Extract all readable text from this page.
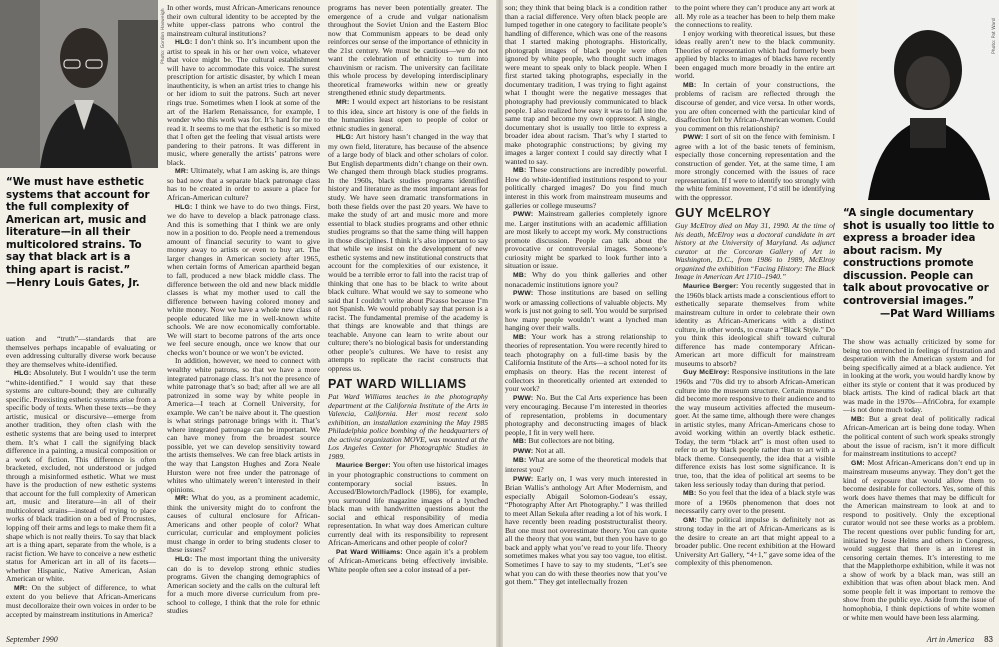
Photo: Gordon Hasweigh
“We must have esthetic systems that account for the full complexity of American art, music and literature—in all their multicolored strains. To say that black art is a thing apart is racist.”
—Henry Louis Gates, Jr.

uation and “truth”—standards that are themselves perhaps incapable of evaluating or even addressing culturally diverse work because they are themselves white-identified.

HLG: Absolutely. But I wouldn’t use the term “white-identified.” I would say that these systems are culture-bound; they are culturally specific. Preexisting esthetic systems arise from a specific body of texts. When these texts—be they artistic, musical or discursive—emerge from another tradition, they often clash with the esthetic systems that are being used to interpret them. It’s what I call the signifying black difference in a painting, a musical composition or a work of fiction. This difference is often bracketed, excluded, not understood or judged through a misinformed esthetic. What we must have is the production of new esthetic systems that account for the full complexity of American art, music and literature—in all of their multicolored strains—instead of trying to place works of black tradition on a bed of Procrustes, lopping off their arms and legs to make them fit a shape which is not really theirs. To say that black art is a thing apart, separate from the whole, is a racist fiction. We have to conceive a new esthetic status for American art in all of its facets—whether Hispanic, Native American, Asian American or white.

MR: On the subject of difference, to what extent do you believe that African-Americans must decolloraize their own voices in order to be accepted by mainstream institutions in America?

In other words, must African-Americans renounce their own cultural identity to be accepted by the white upper-class patrons who control the mainstream cultural institutions?

HLG: I don’t think so. It’s incumbent upon the artist to speak in his or her own voice, whatever that voice might be. The cultural establishment will have to accommodate this voice. The surest prescription for artistic disaster, by which I mean inauthenticity, is when an artist tries to change his or her idiom to suit the patrons. Such art never rings true. Sometimes when I look at some of the art of the Harlem Renaissance, for example, I wonder who this work was for. It’s hard for me to read it. It seems to me that the esthetic is so mixed that I often get the feeling that visual artists were pandering to their patrons. It was different in music, where generally the artists’ patrons were black.

MR: Ultimately, what I am asking is, are things so bad now that a separate black patronage class has to be created in order to assure a place for African-American culture?

HLG: I think we have to do two things. First, we do have to develop a black patronage class. And this is something that I think we are only now in a position to do. People need a tremendous amount of financial security to want to give money away to artists or even to buy art. The larger changes in American society after 1965, when certain forms of American apartheid began to fall, produced a new black middle class. The difference between the old and new black middle classes is what my mother used to call the difference between having colored money and white money. Now we have a whole new class of people educated like me in well-known white schools. We are now economically comfortable. We will start to become patrons of the arts once we feel secure enough, once we know that our checks won’t bounce or we won’t be evicted.

In addition, however, we need to connect with wealthy white patrons, so that we have a more integrated patronage class. It’s not the presence of white patronage that’s so bad; after all we are all patronized in some way by white people in America—I teach at Cornell University, for example. We can’t be naive about it. The question is what strings patronage brings with it. That’s where integrated patronage can be important. We can have money from the broadest source possible, yet we can develop sensitivity toward the artists themselves. We can free black artists in the way that Langston Hughes and Zora Neale Hurston were not free under the patronage of whites who ultimately weren’t interested in their opinions.

MR: What do you, as a prominent academic, think the university might do to confront the causes of cultural enclosure for African-Americans and other people of color? What curricular, curricular and employment policies must change in order to bring students closer to these issues?

HLG: The most important thing the university can do is to develop strong ethnic studies programs. Given the changing demographics of American society and the calls on the cultural left for a much more diverse curriculum from pre-school to college, I think that the role for ethnic studies

programs has never been potentially greater. The emergence of a crude and vulgar nationalism throughout the Soviet Union and the Eastern Bloc now that Communism appears to be dead only reinforces our sense of the importance of ethnicity in the 21st century. We must be cautious—we do not want the celebration of ethnicity to turn into chauvinism or racism. The university can facilitate this whole process by developing interdisciplinary theoretical frameworks within new or greatly strengthened ethnic study departments.

MR: I would expect art historians to be resistant to this idea, since art history is one of the fields in the humanities least open to people of color or ethnic studies in general.

HLG: Art history hasn’t changed in the way that my own field, literature, has because of the absence of a large body of black and other scholars of color. But English departments didn’t change on their own. We changed them through black studies programs. In the 1960s, black studies programs identified history and literature as the most important areas for study. We have seen dramatic transformations in both these fields over the past 20 years. We have to make the study of art and music more and more essential to black studies programs and other ethnic studies programs so that the same thing will happen in those disciplines. I think it’s also important to say that while we insist on the development of new esthetic systems and new institutional constructs that account for the complexities of our existence, it would be a terrible error to fall into the racist trap of thinking that one has to be black to write about black culture. What would we say to someone who said that I couldn’t write about Picasso because I’m not Spanish. We would probably say that person is a racist. The fundamental premise of the academy is that things are knowable and that things are teachable. Anyone can learn to write about our culture; there’s no biological basis for understanding other people’s cultures. We have to resist any attempts to replicate the racist constructs that oppress us.

PAT WARD WILLIAMS

Pat Ward Williams teaches in the photography department at the California Institute of the Arts in Valencia, California. Her most recent solo exhibition, an installation examining the May 1985 Philadelphia police bombing of the headquarters of the activist organization MOVE, was mounted at the Los Angeles Center for Photographic Studies in 1989.

Maurice Berger: You often use historical images in your photographic constructions to comment on contemporary social issues. In Accused/Blowtorch/Padlock (1986), for example, you surround life magazine images of a lynched black man with handwritten questions about the social and ethical responsibility of media representation. In what way does American culture currently deal with its responsibility to represent African-Americans and other people of color?

Pat Ward Williams: Once again it’s a problem of African-Americans being effectively invisible. White people often see a color instead of a per-

September 1990

son; they think that being black is a condition rather than a racial difference. Very often black people are lumped together in one category to facilitate people’s handling of difference, which was one of the reasons that I started making photographs. Historically, photograph images of black people were often ignored by white people, who thought such images were meant to speak only to black people. When I first started taking photographs, especially in the documentary tradition, I was trying to fight against what I thought were the negative messages that photography had previously communicated to black people. I also realized how easy it was to fall into the same trap and become my own oppressor. A single, documentary shot is usually too little to express a broader idea about racism. That’s why I started to make photographic constructions; by giving my images a larger context I could say directly what I wanted to say.

MB: These constructions are incredibly powerful. How do white-identified institutions respond to your politically charged images? Do you find much interest in this work from mainstream museums and galleries or college museums?

PWW: Mainstream galleries completely ignore me. Larger institutions with an academic affiliation are most likely to accept my work. My constructions promote discussion. People can talk about the provocative or controversial images. Someone’s curiosity might be sparked to look further into a situation or issue.

MB: Why do you think galleries and other nonacademic institutions ignore you?

PWW: Those institutions are based on selling work or amassing collections of valuable objects. My work is just not going to sell. You would be surprised how many people wouldn’t want a lynched man hanging over their walls.

MB: Your work has a strong relationship to theories of representation. You were recently hired to teach photography on a full-time basis by the California Institute of the Arts—a school noted for its emphasis on theory. Has the recent interest of collectors in theoretically oriented art extended to your work?

PWW: No. But the Cal Arts experience has been very encouraging. Because I’m interested in theories of representation, problems in documentary photography and deconstructing images of black people, I fit in very well here.

MB: But collectors are not biting.

PWW: Not at all.

MB: What are some of the theoretical models that interest you?

PWW: Early on, I was very much interested in Brian Wallis’s anthology Art After Modernism, and especially Abigail Solomon-Godeau’s essay, “Photography After Art Photography.” I was thrilled to meet Allan Sekula after reading a lot of his work. I have recently been reading poststructuralist theory. But one must not overestimate theory. You can quote all the theory that you want, but then you have to go back and apply what you’ve read to your life. Theory sometimes makes what you say too vague, too elitist. Sometimes I have to say to my students, “Let’s see what you can do with these theories now that you’ve got them.” They get intellectually frozen

to the point where they can’t produce any art work at all. My role as a teacher has been to help them make the connections to reality.

I enjoy working with theoretical issues, but these ideas really aren’t new to the black community. Theories of representation which had formerly been applied by blacks to images of blacks have recently been engaged much more broadly in the entire art world.

MB: In certain of your constructions, the problems of racism are reflected through the discourse of gender, and vice versa. In other words, you are often concerned with the particular kind of disaffection felt by African-American women. Could you comment on this relationship?

PWW: I sort of sit on the fence with feminism. I agree with a lot of the basic tenets of feminism, especially those concerning representation and the construction of gender. Yet, at the same time, I am more strongly concerned with the issues of race representation. If I were to identify too strongly with the white feminist movement, I’d still be identifying with the oppressor.

GUY McELROY

Guy McElroy died on May 31, 1990. At the time of his death, McElroy was a doctoral candidate in art history at the University of Maryland. As adjunct curator at the Corcoran Gallery of Art in Washington, D.C., from 1986 to 1989, McElroy organized the exhibition “Facing History: The Black Image in American Art 1710–1940.”

Maurice Berger: You recently suggested that in the 1960s black artists made a conscientious effort to esthetically separate themselves from white mainstream culture in order to celebrate their own identity as African-Americans with a distinct culture, in other words, to create a “Black Style.” Do you think this ideological shift toward cultural difference has made contemporary African-American art more difficult for mainstream museums to absorb?

Guy McElroy: Responsive institutions in the late 1960s and ’70s did try to absorb African-American culture into the museum structure. Certain museums did become more responsive to their audience and to the way museum activities affected the museum-goer. At the same time, although there were changes in artistic styles, many African-Americans chose to avoid working within an overtly black esthetic. Today, the term “black art” is most often used to refer to art by black people rather than to art with a black theme. Consequently, the idea that a visible difference exists has lost some significance. It is true, too, that the idea of political art seems to be taken less seriously today than during that period.

MB: So you feel that the idea of a black style was more of a 1960s phenomenon that does not necessarily carry over to the present.

GM: The political impulse is definitely not as strong today in the art of African-Americans as is the desire to create an art that might appeal to a broader public. One recent exhibition at the Howard University Art Gallery, “4+1,” gave some idea of the complexity of this phenomenon.

“A single documentary shot is usually too little to express a broader idea about racism. My constructions promote discussion. People can talk about provocative or controversial images.”
—Pat Ward Williams

The show was actually criticized by some for being too entrenched in feelings of frustration and desperation with the American system and for being specifically aimed at a black audience. Yet in looking at the work, you would hardly know by either its style or content that it was produced by black artists. The kind of radical black art that was made in the 1970s—AfriCobra, for example—is not done much today.

MB: But a great deal of politically radical African-American art is being done today. When the political content of such work speaks strongly about the issue of racism, isn’t it more difficult for mainstream institutions to accept?

GM: Most African-Americans don’t end up in mainstream museums anyway. They don’t get the kind of exposure that would allow them to become desirable for collectors. Yes, some of this work does have themes that may be difficult for the American mainstream to look at and to respond to positively. Only the exceptional curator would not see these works as a problem. The recent questions over public funding for art, initiated by Jesse Helms and others in Congress, would suggest that there is an interest in censoring certain themes. It’s interesting to me that the Mapplethorpe exhibition, while it was not a show of work by a black man, was still an exhibition that was often about black men. And some people felt it was important to remove the show from the public eye. Aside from the issue of homophobia, I think depictions of white women or white men would have been less alarming.

Art in America 83
Photo: Pat Ward
